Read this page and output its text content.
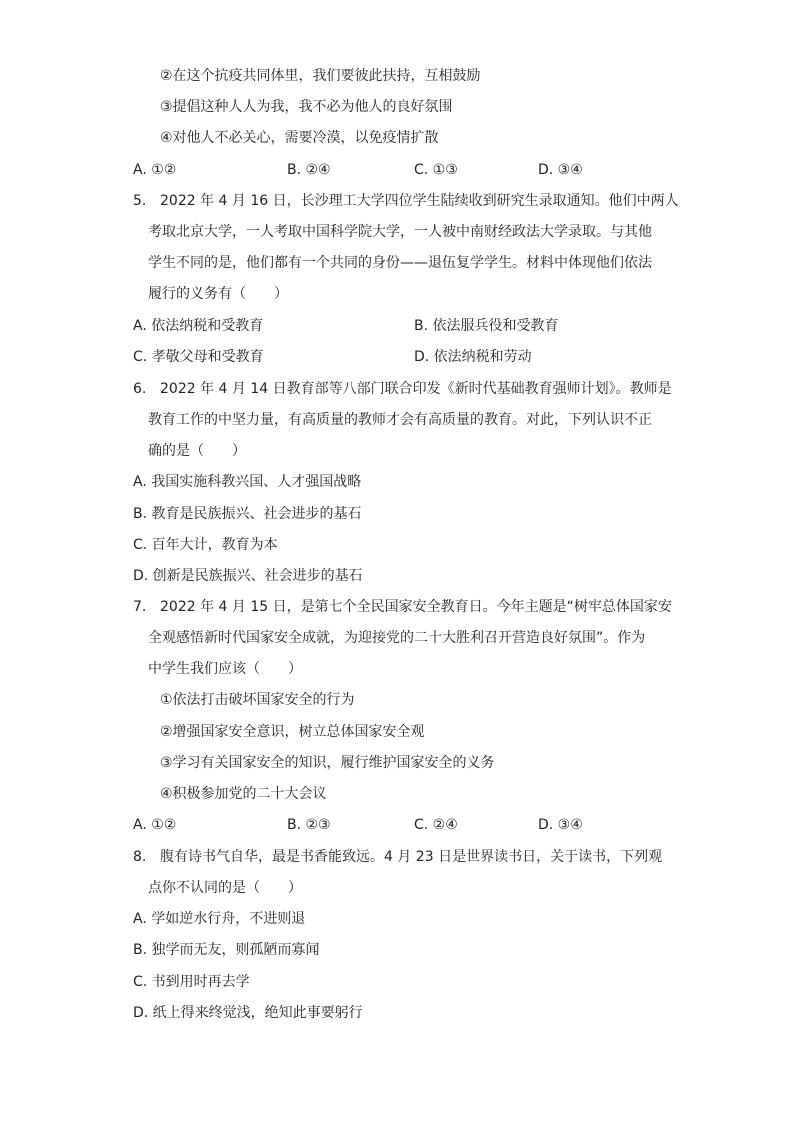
②在这个抗疫共同体里，我们要彼此扶持，互相鼓励
③提倡这种人人为我，我不必为他人的良好氛围
④对他人不必关心，需要冷漠，以免疫情扩散
A. ①②	B. ②④	C. ①③	D. ③④
5. 2022 年 4 月 16 日，长沙理工大学四位学生陆续收到研究生录取通知。他们中两人
考取北京大学，一人考取中国科学院大学，一人被中南财经政法大学录取。与其他
学生不同的是，他们都有一个共同的身份——退伍复学学生。材料中体现他们依法
履行的义务有（　　）
A. 依法纳税和受教育	B. 依法服兵役和受教育
C. 孝敬父母和受教育	D. 依法纳税和劳动
6. 2022 年 4 月 14 日教育部等八部门联合印发《新时代基础教育强师计划》。教师是
教育工作的中坚力量，有高质量的教师才会有高质量的教育。对此，下列认识不正
确的是（　　）
A. 我国实施科教兴国、人才强国战略
B. 教育是民族振兴、社会进步的基石
C. 百年大计，教育为本
D. 创新是民族振兴、社会进步的基石
7. 2022 年 4 月 15 日，是第七个全民国家安全教育日。今年主题是“树牢总体国家安
全观感悟新时代国家安全成就，为迎接党的二十大胜利召开营造良好氛围”。作为
中学生我们应该（　　）
①依法打击破坏国家安全的行为
②增强国家安全意识，树立总体国家安全观
③学习有关国家安全的知识，履行维护国家安全的义务
④积极参加党的二十大会议
A. ①②	B. ②③	C. ②④	D. ③④
8. 腹有诗书气自华，最是书香能致远。4 月 23 日是世界读书日，关于读书，下列观
点你不认同的是（　　）
A. 学如逆水行舟，不进则退
B. 独学而无友，则孤陋而寡闻
C. 书到用时再去学
D. 纸上得来终觉浅，绝知此事要躬行
